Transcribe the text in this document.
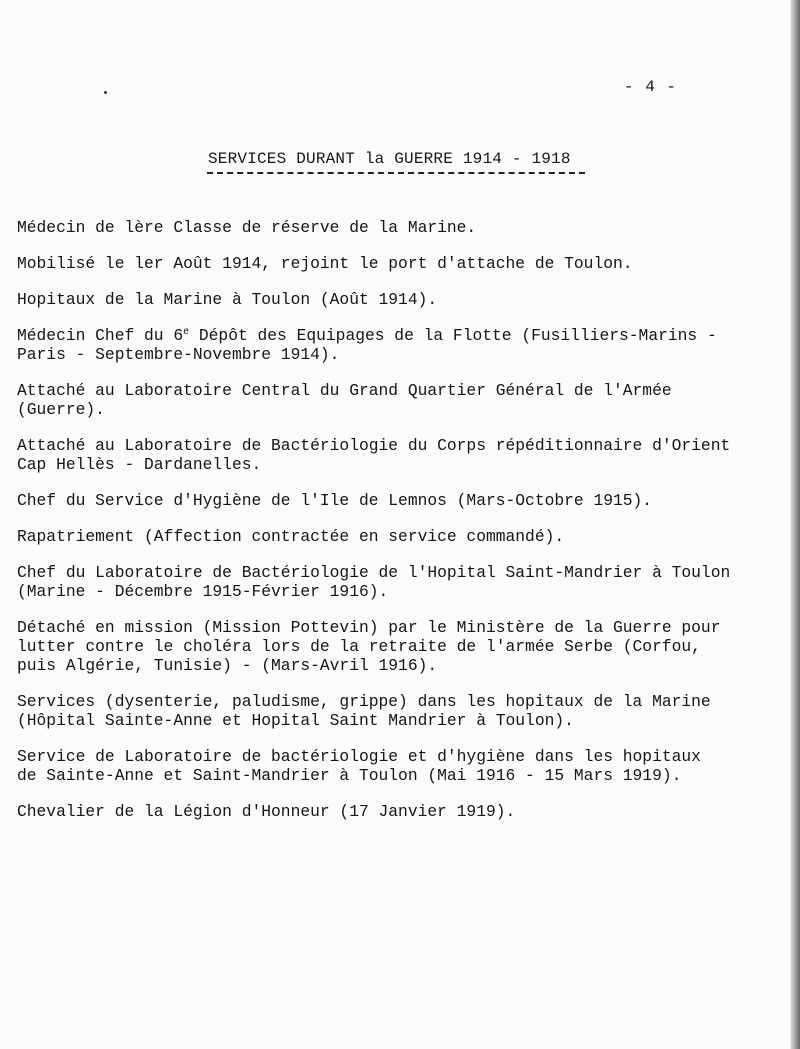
- 4 -
SERVICES DURANT la GUERRE 1914 - 1918
Médecin de lère Classe de réserve de la Marine.
Mobilisé le ler Août 1914, rejoint le port d'attache de Toulon.
Hopitaux de la Marine à Toulon (Août 1914).
Médecin Chef du 6e Dépôt des Equipages de la Flotte (Fusilliers-Marins -
Paris - Septembre-Novembre 1914).
Attaché au Laboratoire Central du Grand Quartier Général de l'Armée
(Guerre).
Attaché au Laboratoire de Bactériologie du Corps répéditionnaire d'Orient
Cap Hellès - Dardanelles.
Chef du Service d'Hygiène de l'Ile de Lemnos (Mars-Octobre 1915).
Rapatriement (Affection contractée en service commandé).
Chef du Laboratoire de Bactériologie de l'Hopital Saint-Mandrier à Toulon
(Marine - Décembre 1915-Février 1916).
Détaché en mission (Mission Pottevin) par le Ministère de la Guerre pour
lutter contre le choléra lors de la retraite de l'armée Serbe (Corfou,
puis Algérie, Tunisie) - (Mars-Avril 1916).
Services (dysenterie, paludisme, grippe) dans les hopitaux de la Marine
(Hôpital Sainte-Anne et Hopital Saint Mandrier à Toulon).
Service de Laboratoire de bactériologie et d'hygiène dans les hopitaux
de Sainte-Anne et Saint-Mandrier à Toulon (Mai 1916 - 15 Mars 1919).
Chevalier de la Légion d'Honneur (17 Janvier 1919).
